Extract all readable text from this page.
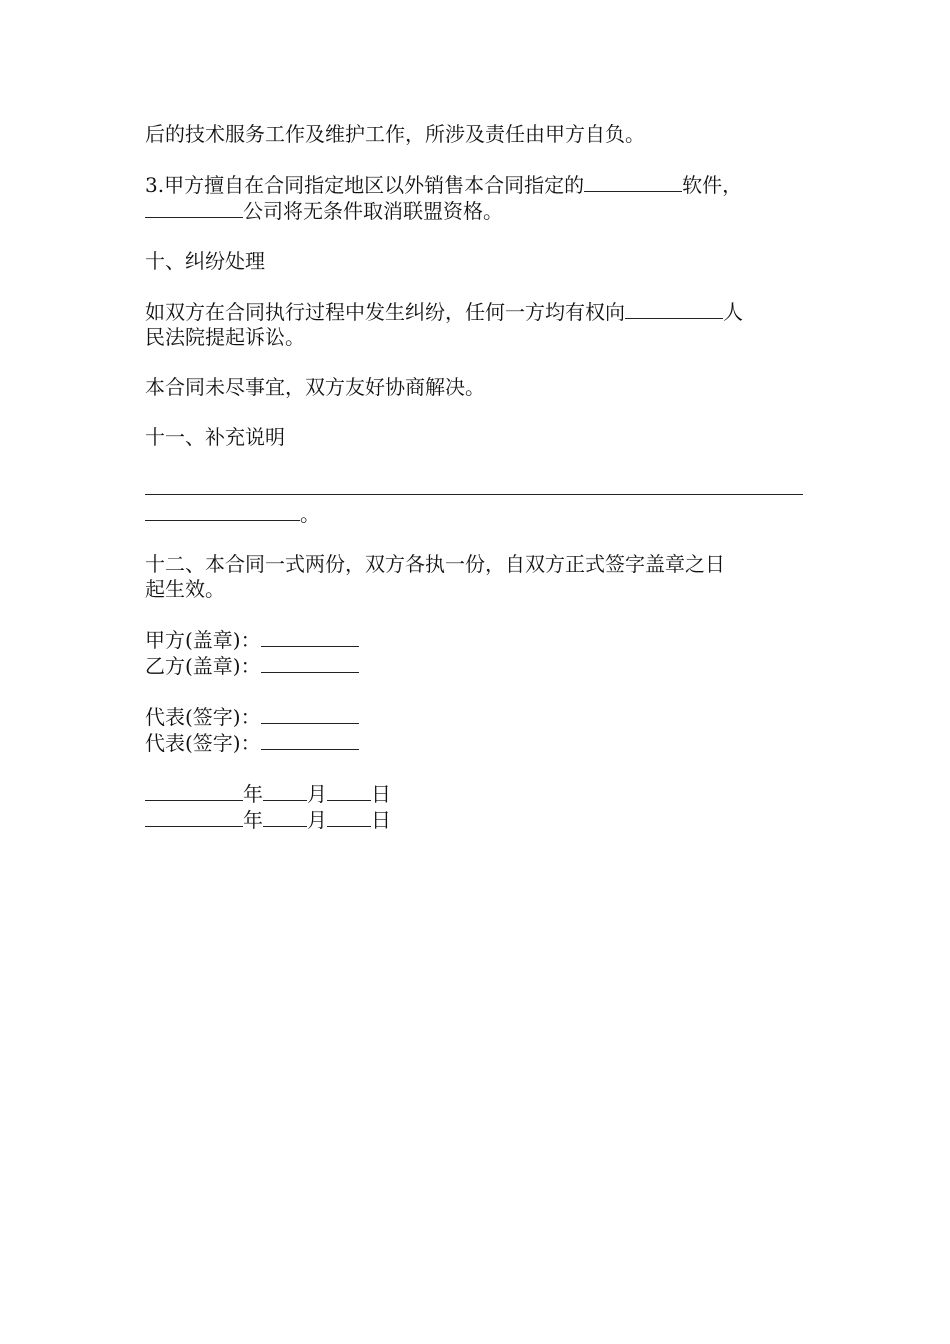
后的技术服务工作及维护工作，所涉及责任由甲方自负。

3.甲方擅自在合同指定地区以外销售本合同指定的	软件，
公司将无条件取消联盟资格。

十、纠纷处理

如双方在合同执行过程中发生纠纷，任何一方均有权向	人
民法院提起诉讼。

本合同未尽事宜，双方友好协商解决。

十一、补充说明

。

十二、本合同一式两份，双方各执一份，自双方正式签字盖章之日
起生效。

甲方(盖章)：
乙方(盖章)：
代表(签字)：
代表(签字)：
年 月 日
年 月 日
